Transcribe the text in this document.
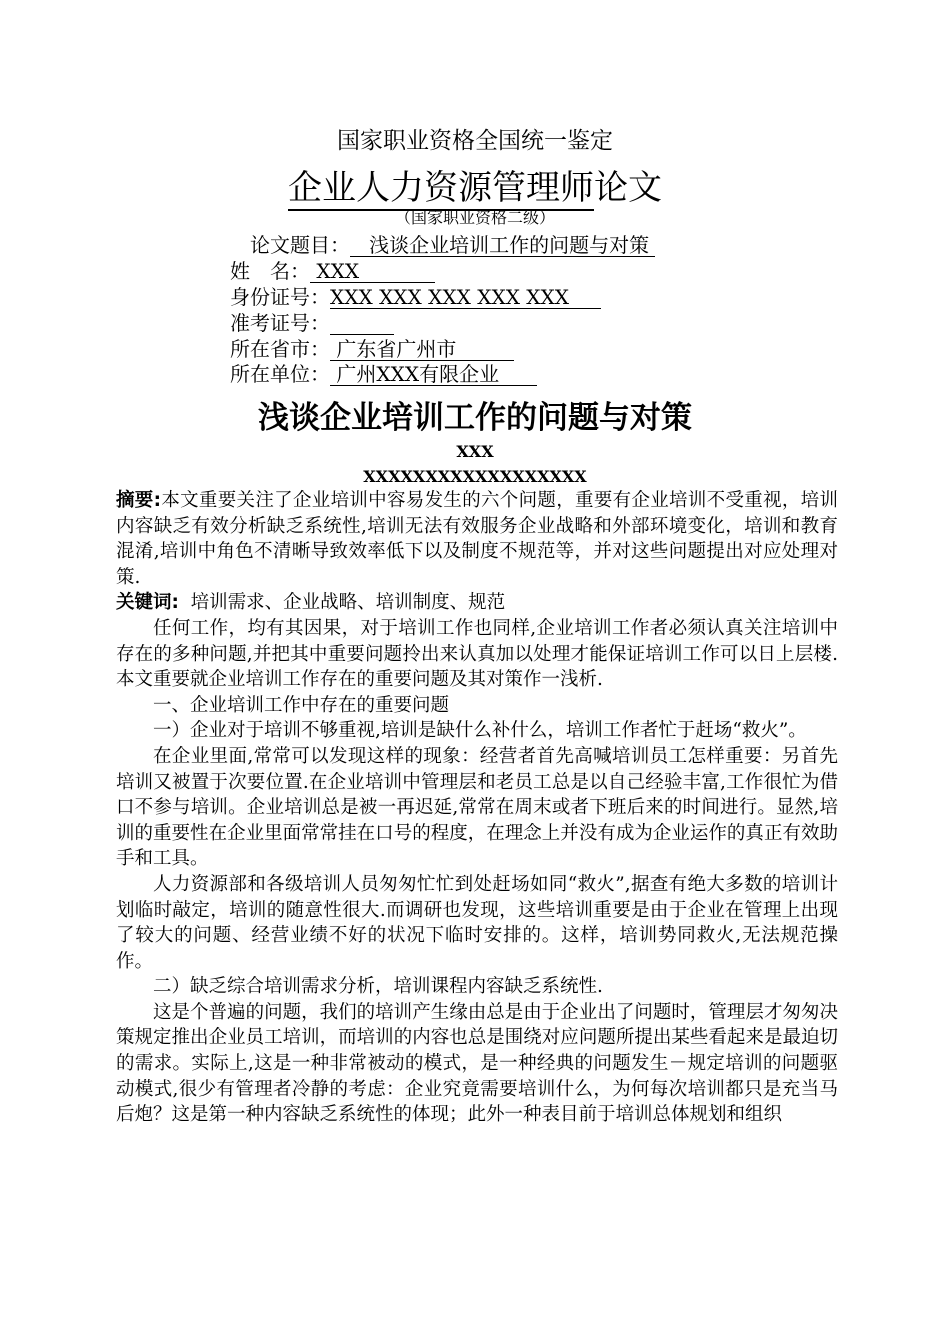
国家职业资格全国统一鉴定
企业人力资源管理师论文
（国家职业资格二级）
论文题目：   浅谈企业培训工作的问题与对策
姓　名： XXX
身份证号：XXX XXX XXX XXX XXX
准考证号：
所在省市： 广东省广州市
所在单位： 广州XXX有限企业
浅谈企业培训工作的问题与对策
XXX
XXXXXXXXXXXXXXXXXX

摘要:本文重要关注了企业培训中容易发生的六个问题，重要有企业培训不受重视，培训内容缺乏有效分析缺乏系统性,培训无法有效服务企业战略和外部环境变化，培训和教育混淆,培训中角色不清晰导致效率低下以及制度不规范等，并对这些问题提出对应处理对策.

关键词:  培训需求、企业战略、培训制度、规范

任何工作，均有其因果，对于培训工作也同样,企业培训工作者必须认真关注培训中存在的多种问题,并把其中重要问题拎出来认真加以处理才能保证培训工作可以日上层楼.本文重要就企业培训工作存在的重要问题及其对策作一浅析.

一、企业培训工作中存在的重要问题

一）企业对于培训不够重视,培训是缺什么补什么，培训工作者忙于赶场“救火”。

在企业里面,常常可以发现这样的现象：经营者首先高喊培训员工怎样重要：另首先培训又被置于次要位置.在企业培训中管理层和老员工总是以自己经验丰富,工作很忙为借口不参与培训。企业培训总是被一再迟延,常常在周末或者下班后来的时间进行。显然,培训的重要性在企业里面常常挂在口号的程度，在理念上并没有成为企业运作的真正有效助手和工具。

人力资源部和各级培训人员匆匆忙忙到处赶场如同“救火”,据查有绝大多数的培训计划临时敲定，培训的随意性很大.而调研也发现，这些培训重要是由于企业在管理上出现了较大的问题、经营业绩不好的状况下临时安排的。这样，培训势同救火,无法规范操作。

二）缺乏综合培训需求分析，培训课程内容缺乏系统性.

这是个普遍的问题，我们的培训产生缘由总是由于企业出了问题时，管理层才匆匆决策规定推出企业员工培训，而培训的内容也总是围绕对应问题所提出某些看起来是最迫切的需求。实际上,这是一种非常被动的模式，是一种经典的问题发生－规定培训的问题驱动模式,很少有管理者冷静的考虑：企业究竟需要培训什么，为何每次培训都只是充当马后炮？这是第一种内容缺乏系统性的体现；此外一种表目前于培训总体规划和组织
